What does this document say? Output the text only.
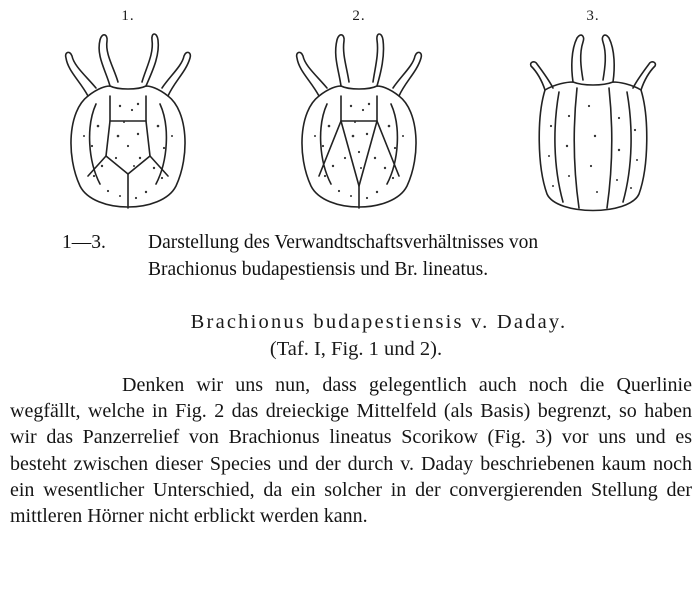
1.	2.	3.
1—3. Darstellung des Verwandtschaftsverhältnisses von
Brachionus budapestiensis und Br. lineatus.
Brachionus budapestiensis v. Daday.
(Taf. I, Fig. 1 und 2).
Denken wir uns nun, dass gelegentlich auch noch die Querlinie wegfällt, welche in Fig. 2 das dreieckige Mittelfeld (als Basis) begrenzt, so haben wir das Panzerrelief von Brachionus lineatus Scorikow (Fig. 3) vor uns und es besteht zwischen dieser Species und der durch v. Daday beschriebenen kaum noch ein wesentlicher Unterschied, da ein solcher in der convergierenden Stellung der mittleren Hörner nicht erblickt werden kann.
